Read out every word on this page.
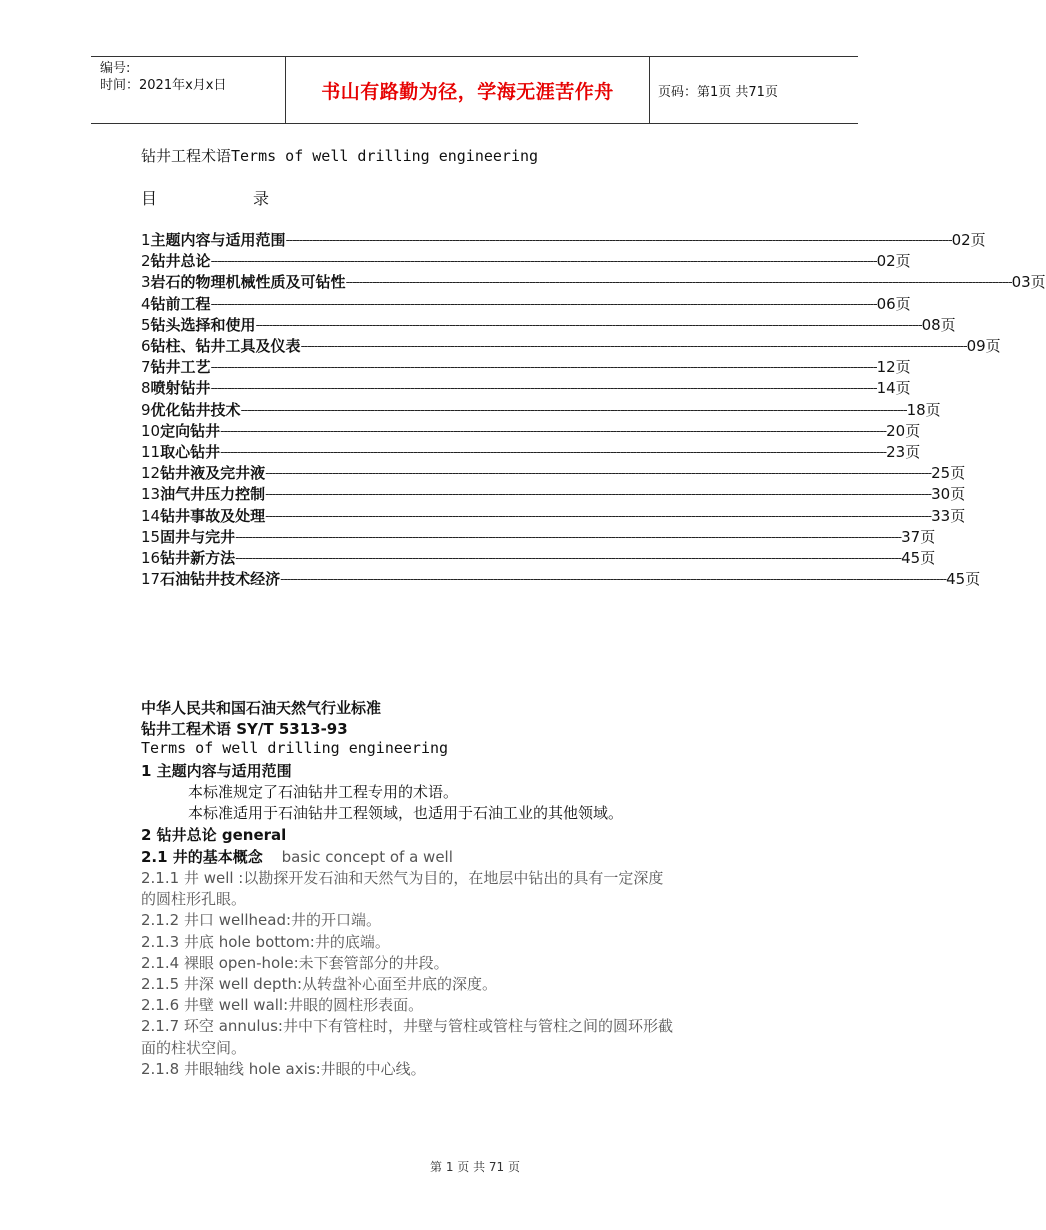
编号:
时间：2021年x月x日	书山有路勤为径，学海无涯苦作舟	页码：第1页 共71页
钻井工程术语Terms of well drilling engineering
目	录
1 主题内容与适用范围 -------------------------------------------------------------------------------------------------------------------------------------------------------------------------------------------------------- 02页
2 钻井总论 -------------------------------------------------------------------------------------------------------------------------------------------------------------------------------------------------------- 02页
3 岩石的物理机械性质及可钻性 -------------------------------------------------------------------------------------------------------------------------------------------------------------------------------------------------------- 03页
4 钻前工程 -------------------------------------------------------------------------------------------------------------------------------------------------------------------------------------------------------- 06页
5 钻头选择和使用 -------------------------------------------------------------------------------------------------------------------------------------------------------------------------------------------------------- 08页
6 钻柱、钻井工具及仪表 -------------------------------------------------------------------------------------------------------------------------------------------------------------------------------------------------------- 09页
7 钻井工艺 -------------------------------------------------------------------------------------------------------------------------------------------------------------------------------------------------------- 12页
8 喷射钻井 -------------------------------------------------------------------------------------------------------------------------------------------------------------------------------------------------------- 14页
9 优化钻井技术 -------------------------------------------------------------------------------------------------------------------------------------------------------------------------------------------------------- 18页
10 定向钻井 -------------------------------------------------------------------------------------------------------------------------------------------------------------------------------------------------------- 20页
11 取心钻井 -------------------------------------------------------------------------------------------------------------------------------------------------------------------------------------------------------- 23页
12 钻井液及完井液 -------------------------------------------------------------------------------------------------------------------------------------------------------------------------------------------------------- 25页
13 油气井压力控制 -------------------------------------------------------------------------------------------------------------------------------------------------------------------------------------------------------- 30页
14 钻井事故及处理 -------------------------------------------------------------------------------------------------------------------------------------------------------------------------------------------------------- 33页
15 固井与完井 -------------------------------------------------------------------------------------------------------------------------------------------------------------------------------------------------------- 37页
16 钻井新方法 -------------------------------------------------------------------------------------------------------------------------------------------------------------------------------------------------------- 45页
17 石油钻井技术经济 -------------------------------------------------------------------------------------------------------------------------------------------------------------------------------------------------------- 45页
中华人民共和国石油天然气行业标准
钻井工程术语 SY/T 5313-93
Terms of well drilling engineering
1 主题内容与适用范围
本标准规定了石油钻井工程专用的术语。
本标准适用于石油钻井工程领域，也适用于石油工业的其他领域。
2 钻井总论 general
2.1 井的基本概念 basic concept of a well
2.1.1 井 well :以勘探开发石油和天然气为目的，在地层中钻出的具有一定深度
的圆柱形孔眼。
2.1.2 井口 wellhead:井的开口端。
2.1.3 井底 hole bottom:井的底端。
2.1.4 裸眼 open-hole:未下套管部分的井段。
2.1.5 井深 well depth:从转盘补心面至井底的深度。
2.1.6 井壁 well wall:井眼的圆柱形表面。
2.1.7 环空 annulus:井中下有管柱时，井壁与管柱或管柱与管柱之间的圆环形截
面的柱状空间。
2.1.8 井眼轴线 hole axis:井眼的中心线。
第 1 页 共 71 页
